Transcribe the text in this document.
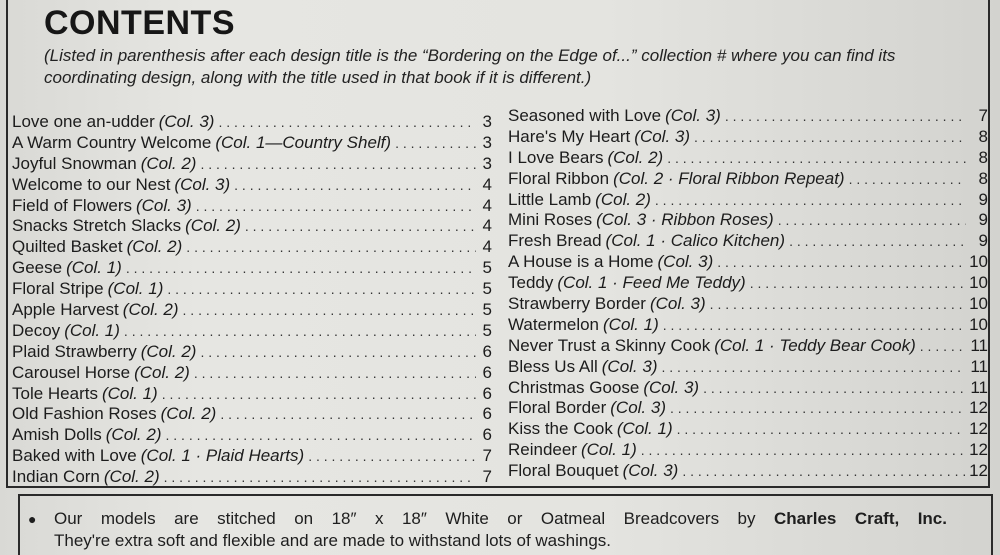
CONTENTS
(Listed in parenthesis after each design title is the “Bordering on the Edge of...” collection # where you can find its coordinating design, along with the title used in that book if it is different.)
Love one an-udder (Col. 3) . . .	3
A Warm Country Welcome (Col. 1—Country Shelf) . . .	3
Joyful Snowman (Col. 2) . . .	3
Welcome to our Nest (Col. 3) . . .	4
Field of Flowers (Col. 3) . . .	4
Snacks Stretch Slacks (Col. 2) . . .	4
Quilted Basket (Col. 2) . . .	4
Geese (Col. 1) . . .	5
Floral Stripe (Col. 1) . . .	5
Apple Harvest (Col. 2) . . .	5
Decoy (Col. 1) . . .	5
Plaid Strawberry (Col. 2) . . .	6
Carousel Horse (Col. 2) . . .	6
Tole Hearts (Col. 1) . . .	6
Old Fashion Roses (Col. 2) . . .	6
Amish Dolls (Col. 2) . . .	6
Baked with Love (Col. 1 · Plaid Hearts) . . .	7
Indian Corn (Col. 2) . . .	7
Seasoned with Love (Col. 3) . . .	7
Hare's My Heart (Col. 3) . . .	8
I Love Bears (Col. 2) . . .	8
Floral Ribbon (Col. 2 · Floral Ribbon Repeat) . . .	8
Little Lamb (Col. 2) . . .	9
Mini Roses (Col. 3 · Ribbon Roses) . . .	9
Fresh Bread (Col. 1 · Calico Kitchen) . . .	9
A House is a Home (Col. 3) . . .	10
Teddy (Col. 1 · Feed Me Teddy) . . .	10
Strawberry Border (Col. 3) . . .	10
Watermelon (Col. 1) . . .	10
Never Trust a Skinny Cook (Col. 1 · Teddy Bear Cook) . . .	11
Bless Us All (Col. 3) . . .	11
Christmas Goose (Col. 3) . . .	11
Floral Border (Col. 3) . . .	12
Kiss the Cook (Col. 1) . . .	12
Reindeer (Col. 1) . . .	12
Floral Bouquet (Col. 3) . . .	12
●	Our models are stitched on 18″ x 18″ White or Oatmeal Breadcovers by Charles Craft, Inc.
They're extra soft and flexible and are made to withstand lots of washings.
